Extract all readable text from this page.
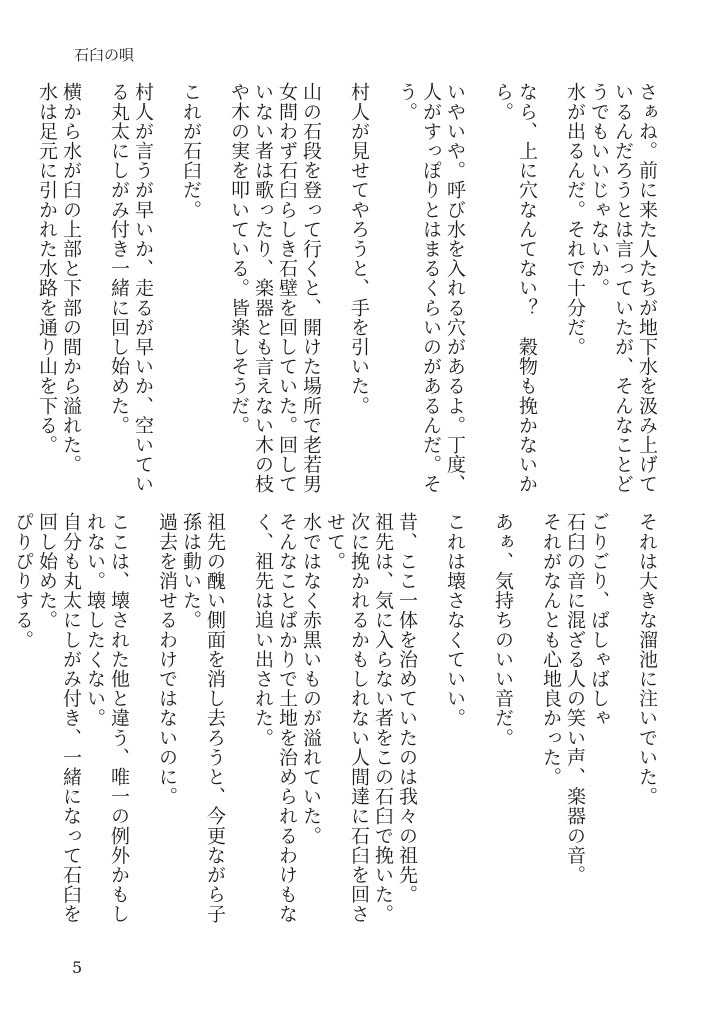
石臼の唄

さぁね。前に来た人たちが地下水を汲み上げているんだろうとは言っていたが、そんなことどうでもいいじゃないか。

水が出るんだ。それで十分だ。

なら、上に穴なんてない？　穀物も挽かないから。

いやいや。呼び水を入れる穴があるよ。丁度、人がすっぽりとはまるくらいのがあるんだ。そう。

村人が見せてやろうと、手を引いた。

山の石段を登って行くと、開けた場所で老若男女問わず石臼らしき石壁を回していた。回していない者は歌ったり、楽器とも言えない木の枝や木の実を叩いている。皆楽しそうだ。

これが石臼だ。

村人が言うが早いか、走るが早いか、空いている丸太にしがみ付き一緒に回し始めた。

横から水が臼の上部と下部の間から溢れた。

水は足元に引かれた水路を通り山を下る。

それは大きな溜池に注いでいた。

ごりごり、ばしゃばしゃ

石臼の音に混ざる人の笑い声、楽器の音。

それがなんとも心地良かった。

あぁ、気持ちのいい音だ。

これは壊さなくていい。

昔、ここ一体を治めていたのは我々の祖先。

祖先は、気に入らない者をこの石臼で挽いた。次に挽かれるかもしれない人間達に石臼を回させて。

水ではなく赤黒いものが溢れていた。

そんなことばかりで土地を治められるわけもなく、祖先は追い出された。

祖先の醜い側面を消し去ろうと、今更ながら子孫は動いた。

過去を消せるわけではないのに。

ここは、壊された他と違う、唯一の例外かもしれない。壊したくない。

自分も丸太にしがみ付き、一緒になって石臼を回し始めた。

ぴりぴりする。

5
